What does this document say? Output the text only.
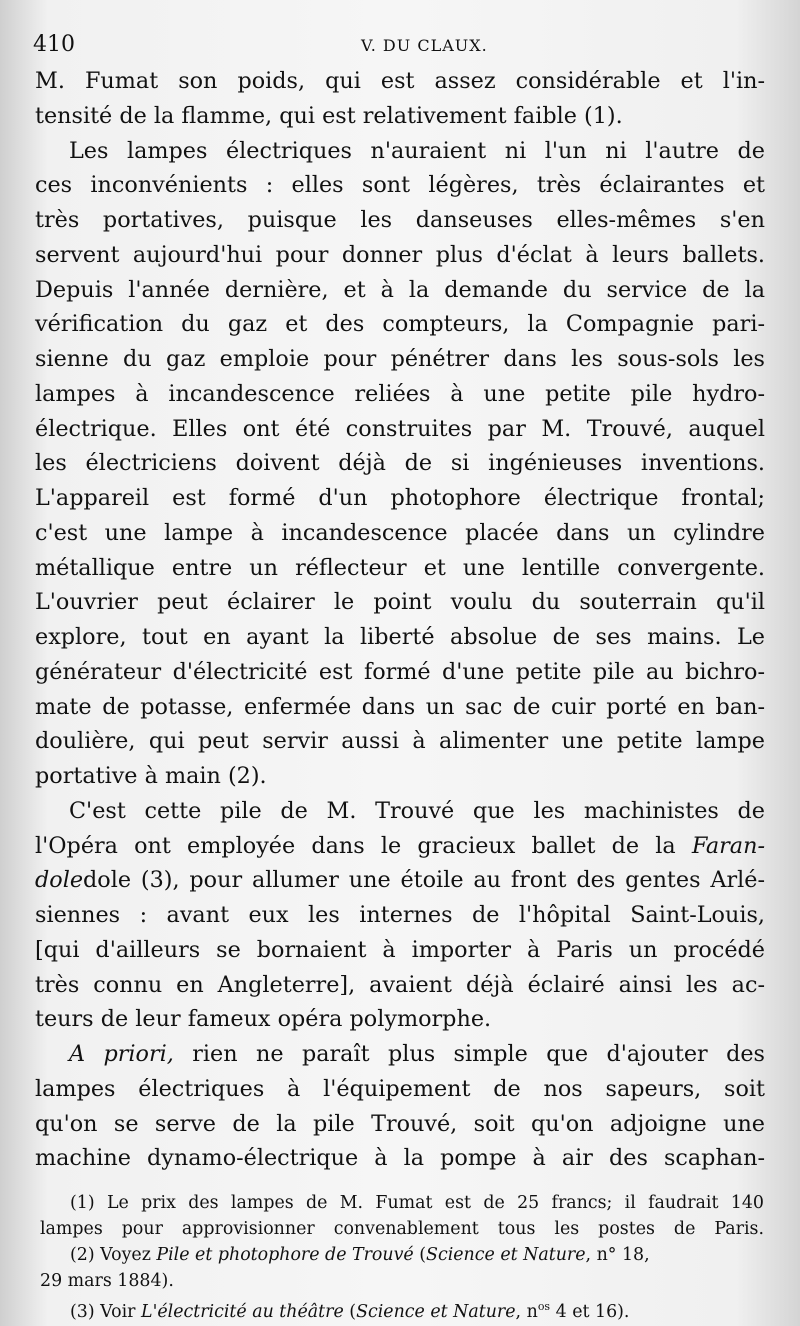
410	V. DU CLAUX.
M. Fumat son poids, qui est assez considérable et l'in-
tensité de la flamme, qui est relativement faible (1).
Les lampes électriques n'auraient ni l'un ni l'autre de
ces inconvénients : elles sont légères, très éclairantes et
très portatives, puisque les danseuses elles-mêmes s'en
servent aujourd'hui pour donner plus d'éclat à leurs ballets.
Depuis l'année dernière, et à la demande du service de la
vérification du gaz et des compteurs, la Compagnie pari-
sienne du gaz emploie pour pénétrer dans les sous-sols les
lampes à incandescence reliées à une petite pile hydro-
électrique. Elles ont été construites par M. Trouvé, auquel
les électriciens doivent déjà de si ingénieuses inventions.
L'appareil est formé d'un photophore électrique frontal;
c'est une lampe à incandescence placée dans un cylindre
métallique entre un réflecteur et une lentille convergente.
L'ouvrier peut éclairer le point voulu du souterrain qu'il
explore, tout en ayant la liberté absolue de ses mains. Le
générateur d'électricité est formé d'une petite pile au bichro-
mate de potasse, enfermée dans un sac de cuir porté en ban-
doulière, qui peut servir aussi à alimenter une petite lampe
portative à main (2).
C'est cette pile de M. Trouvé que les machinistes de
l'Opéra ont employée dans le gracieux ballet de la Faran-
doledole (3), pour allumer une étoile au front des gentes Arlé-
siennes : avant eux les internes de l'hôpital Saint-Louis,
[qui d'ailleurs se bornaient à importer à Paris un procédé
très connu en Angleterre], avaient déjà éclairé ainsi les ac-
teurs de leur fameux opéra polymorphe.
A priori, rien ne paraît plus simple que d'ajouter des
lampes électriques à l'équipement de nos sapeurs, soit
qu'on se serve de la pile Trouvé, soit qu'on adjoigne une
machine dynamo-électrique à la pompe à air des scaphan-
(1) Le prix des lampes de M. Fumat est de 25 francs; il faudrait 140
lampes pour approvisionner convenablement tous les postes de Paris.
(2) Voyez Pile et photophore de Trouvé (Science et Nature, n° 18,
29 mars 1884).
(3) Voir L'électricité au théâtre (Science et Nature, $n^{os}$ 4 et 16).
